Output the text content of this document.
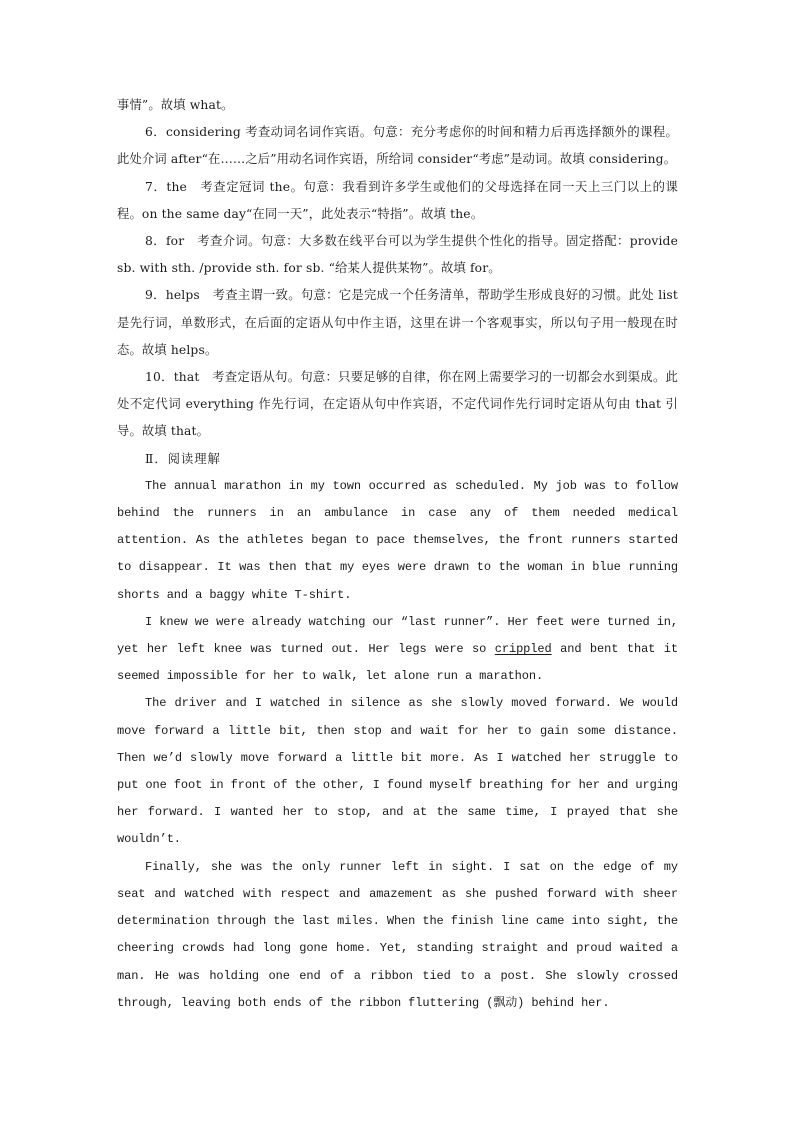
事情”。故填 what。

6．considering 考查动词名词作宾语。句意：充分考虑你的时间和精力后再选择额外的课程。此处介词 after“在……之后”用动名词作宾语，所给词 consider“考虑”是动词。故填 considering。

7．the　考查定冠词 the。句意：我看到许多学生或他们的父母选择在同一天上三门以上的课程。on the same day“在同一天”，此处表示“特指”。故填 the。

8．for　考查介词。句意：大多数在线平台可以为学生提供个性化的指导。固定搭配：provide sb. with sth. /provide sth. for sb. “给某人提供某物”。故填 for。

9．helps　考查主谓一致。句意：它是完成一个任务清单，帮助学生形成良好的习惯。此处 list 是先行词，单数形式，在后面的定语从句中作主语，这里在讲一个客观事实，所以句子用一般现在时态。故填 helps。

10．that　考查定语从句。句意：只要足够的自律，你在网上需要学习的一切都会水到渠成。此处不定代词 everything 作先行词，在定语从句中作宾语，不定代词作先行词时定语从句由 that 引导。故填 that。

Ⅱ．阅读理解

The annual marathon in my town occurred as scheduled. My job was to follow behind the runners in an ambulance in case any of them needed medical attention. As the athletes began to pace themselves, the front runners started to disappear. It was then that my eyes were drawn to the woman in blue running shorts and a baggy white T-shirt.

I knew we were already watching our “last runner”. Her feet were turned in, yet her left knee was turned out. Her legs were so crippled and bent that it seemed impossible for her to walk, let alone run a marathon.

The driver and I watched in silence as she slowly moved forward. We would move forward a little bit, then stop and wait for her to gain some distance. Then we’d slowly move forward a little bit more. As I watched her struggle to put one foot in front of the other, I found myself breathing for her and urging her forward. I wanted her to stop, and at the same time, I prayed that she wouldn’t.

Finally, she was the only runner left in sight. I sat on the edge of my seat and watched with respect and amazement as she pushed forward with sheer determination through the last miles. When the finish line came into sight, the cheering crowds had long gone home. Yet, standing straight and proud waited a man. He was holding one end of a ribbon tied to a post. She slowly crossed through, leaving both ends of the ribbon fluttering (飘动) behind her.
